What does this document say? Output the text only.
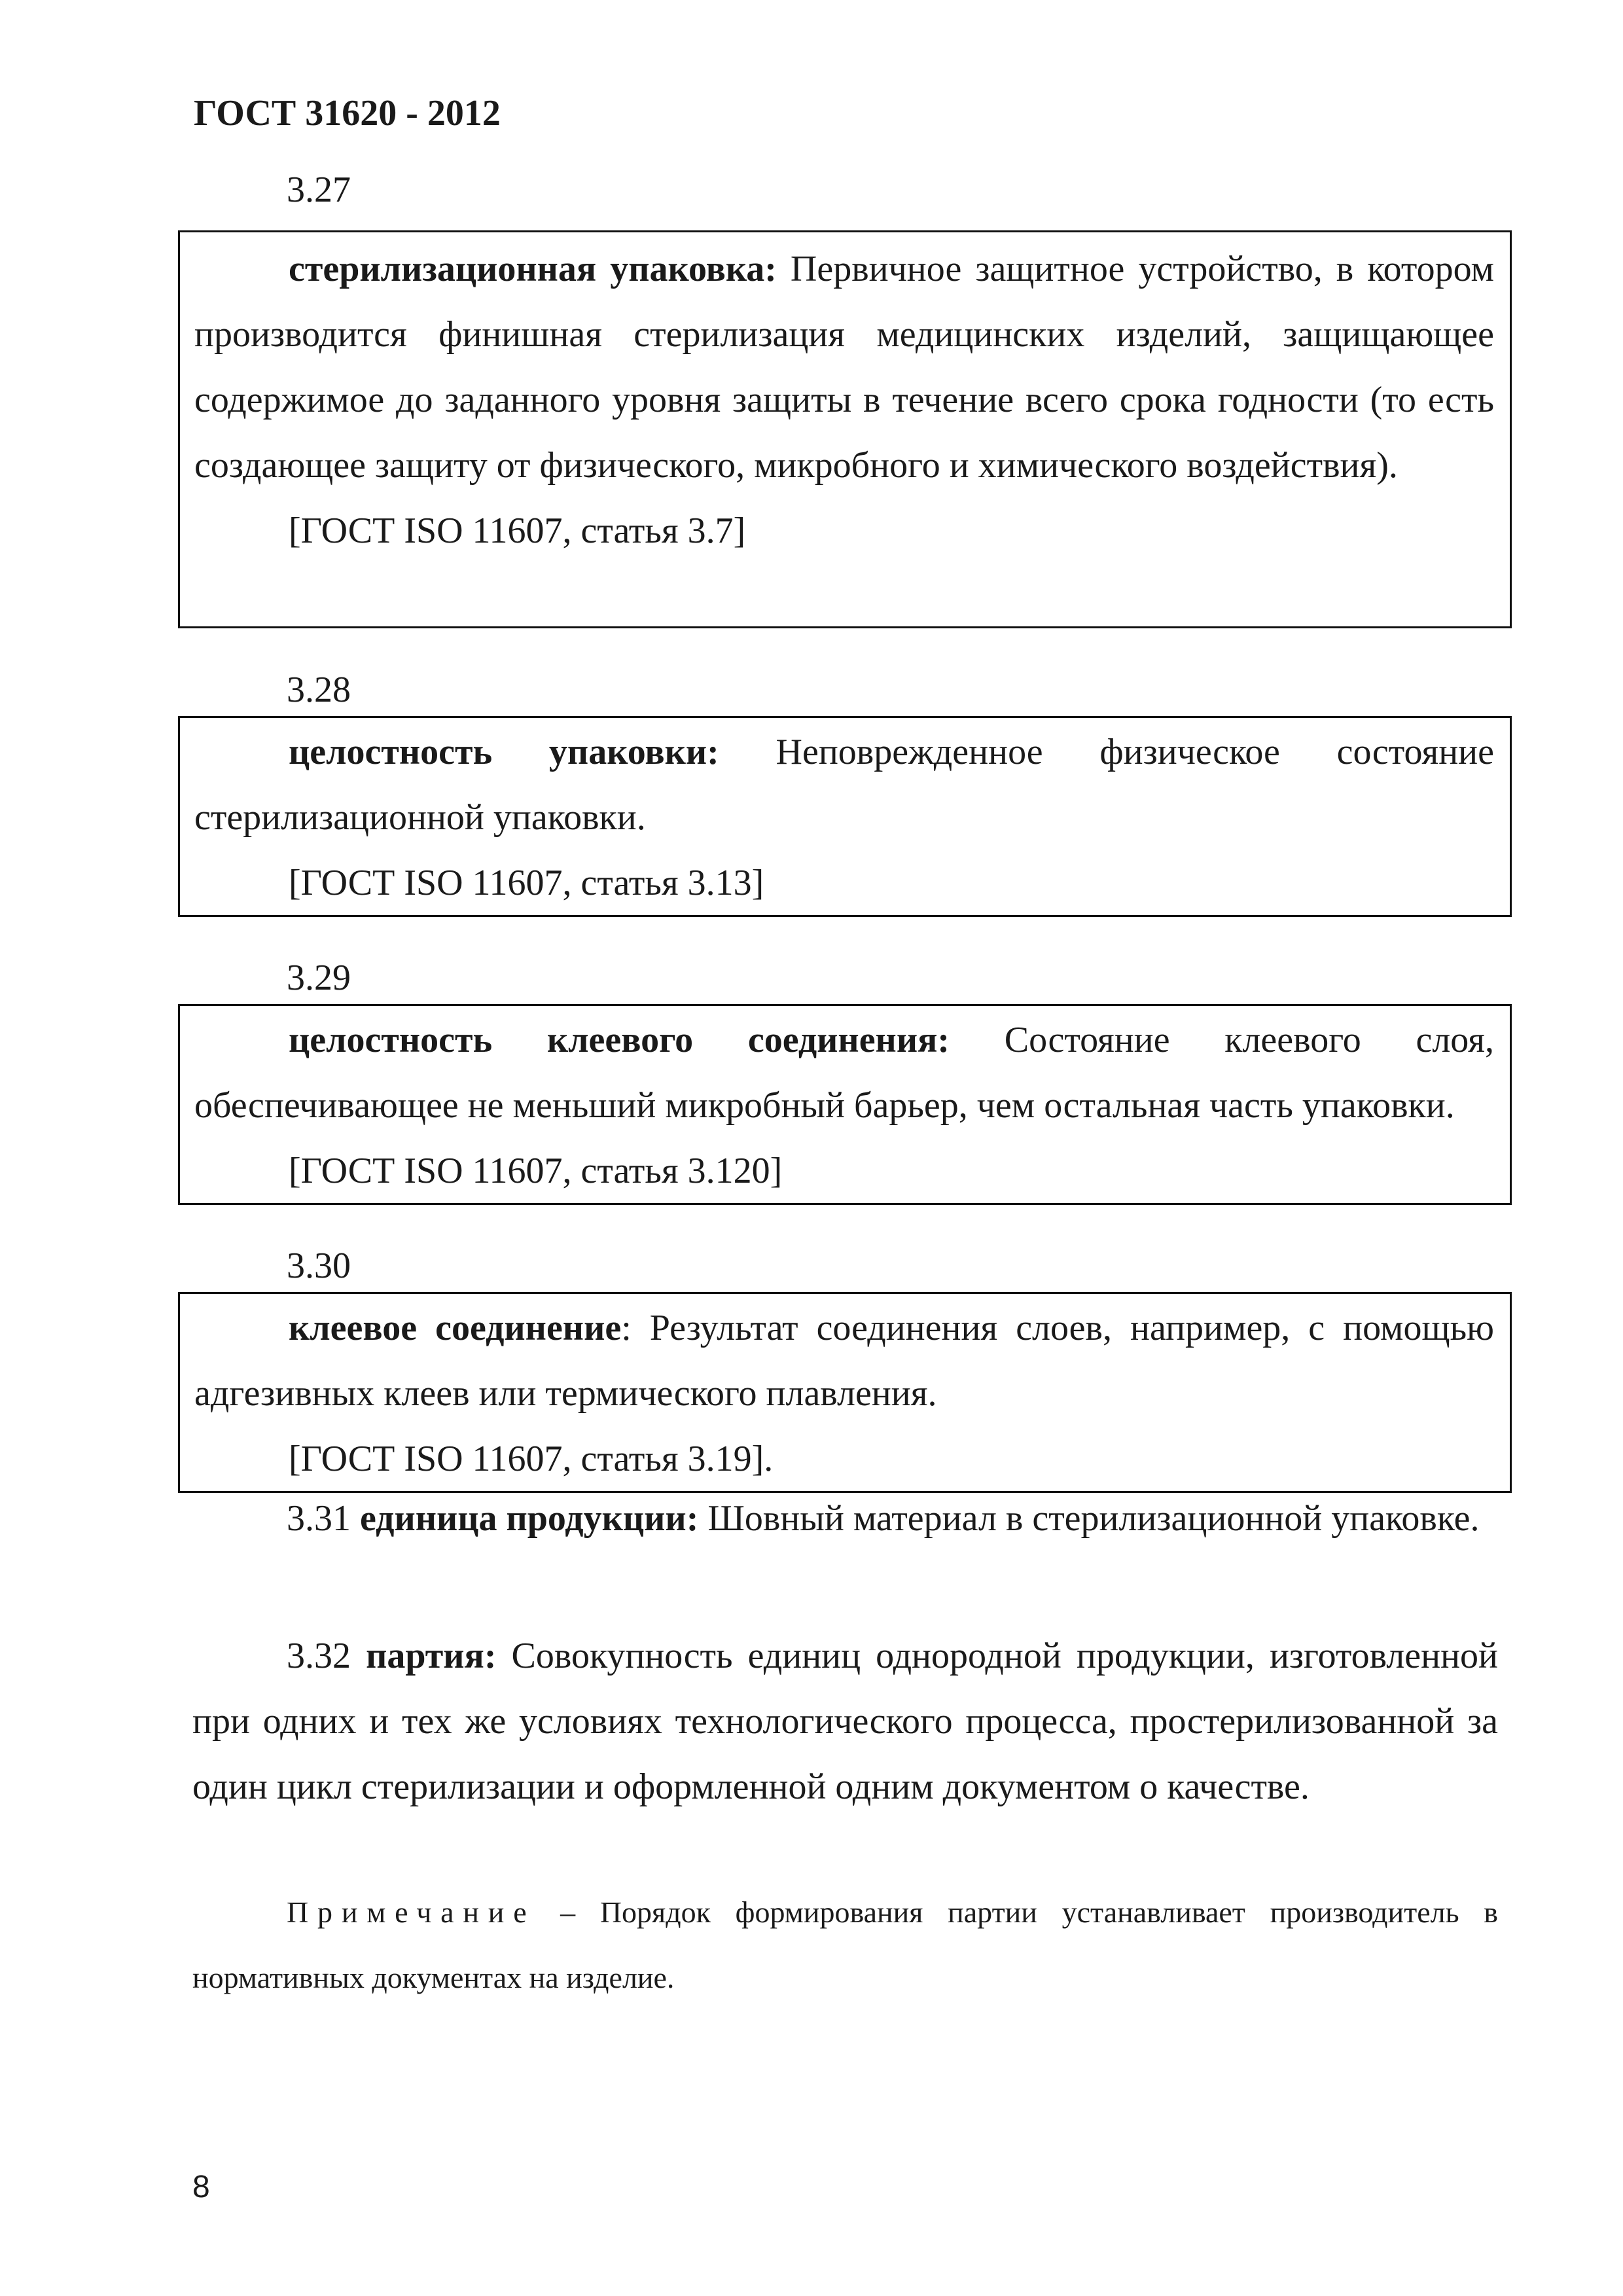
ГОСТ 31620 - 2012
3.27

стерилизационная упаковка: Первичное защитное устройство, в котором производится финишная стерилизация медицинских изделий, защищающее содержимое до заданного уровня защиты в течение всего срока годности (то есть создающее защиту от физического, микробного и химического воздействия).

[ГОСТ ISO 11607, статья 3.7]

3.28

целостность упаковки: Неповрежденное физическое состояние стерилизационной упаковки.

[ГОСТ ISO 11607, статья 3.13]

3.29

целостность клеевого соединения: Состояние клеевого слоя, обеспечивающее не меньший микробный барьер, чем остальная часть упаковки.

[ГОСТ ISO 11607, статья 3.120]

3.30

клеевое соединение: Результат соединения слоев, например, с помощью адгезивных клеев или термического плавления.

[ГОСТ ISO 11607, статья 3.19].

3.31 единица продукции: Шовный материал в стерилизационной упаковке.

3.32 партия: Совокупность единиц однородной продукции, изготовленной при одних и тех же условиях технологического процесса, простерилизованной за один цикл стерилизации и оформленной одним документом о качестве.

Примечание – Порядок формирования партии устанавливает производитель в нормативных документах на изделие.

8
